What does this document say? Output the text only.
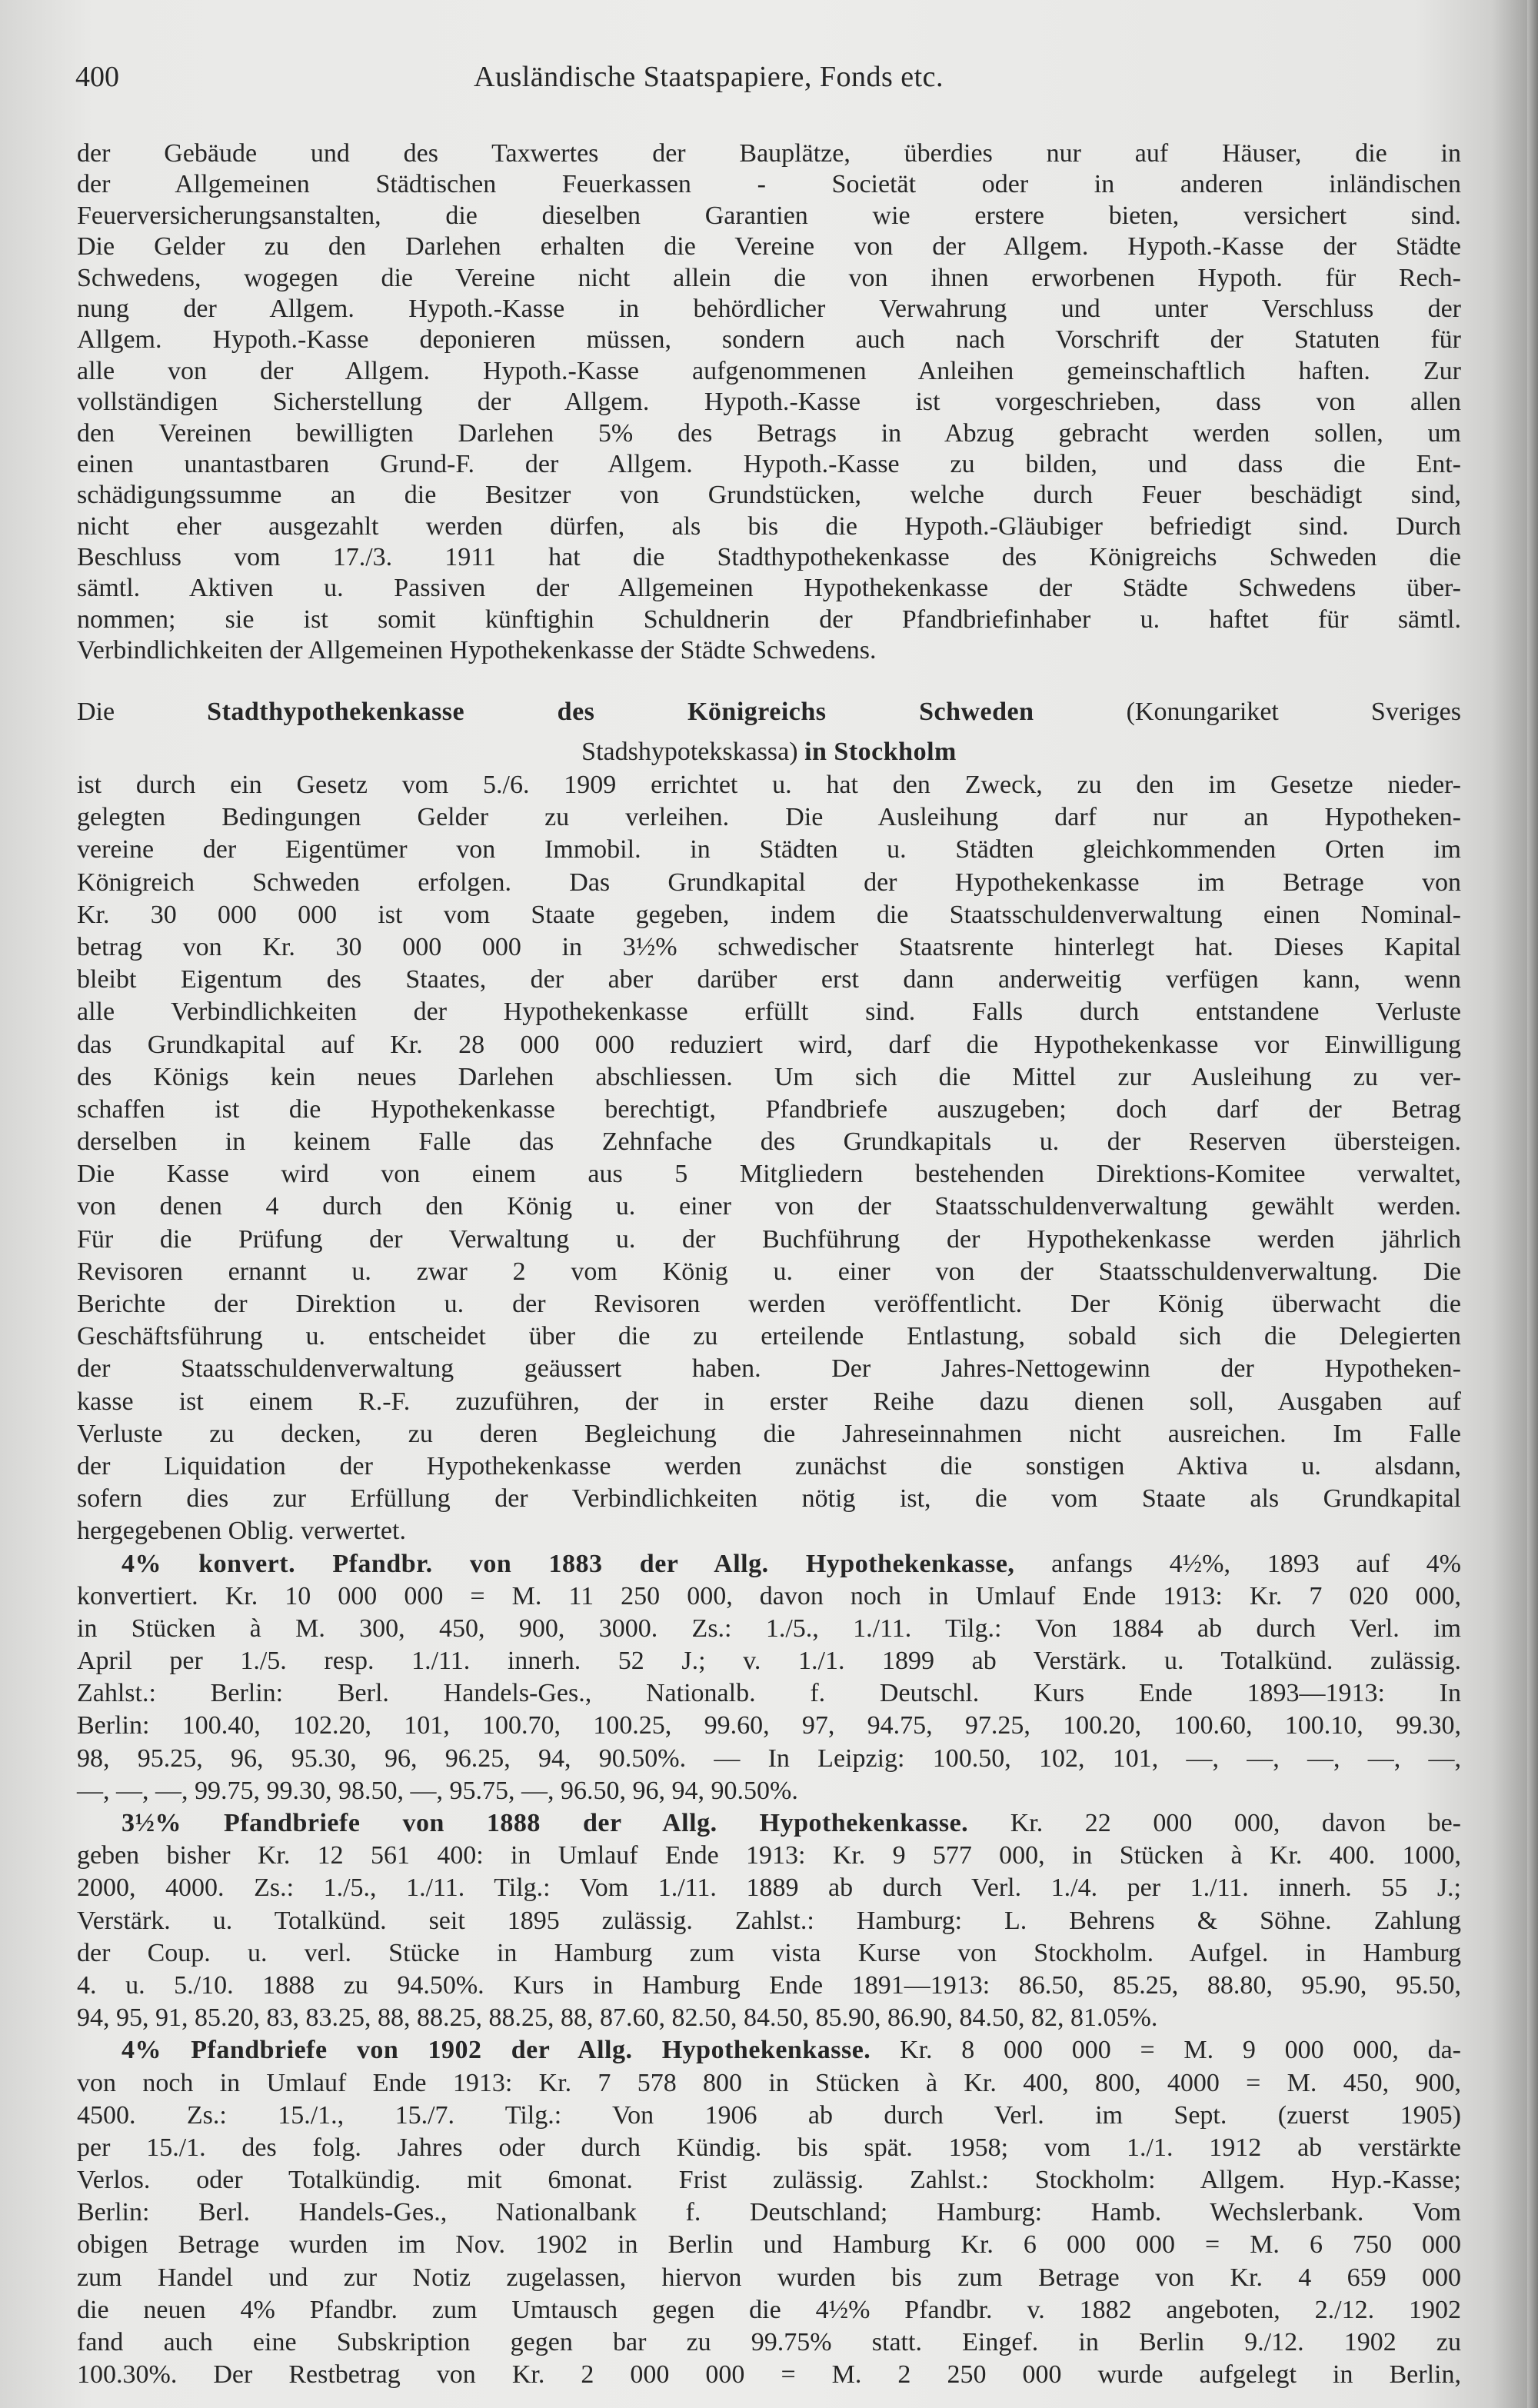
400	Ausländische Staatspapiere, Fonds etc.
der Gebäude und des Taxwertes der Bauplätze, überdies nur auf Häuser, die in
der Allgemeinen Städtischen Feuerkassen - Societät oder in anderen inländischen
Feuerversicherungsanstalten, die dieselben Garantien wie erstere bieten, versichert sind.
Die Gelder zu den Darlehen erhalten die Vereine von der Allgem. Hypoth.-Kasse der Städte
Schwedens, wogegen die Vereine nicht allein die von ihnen erworbenen Hypoth. für Rech-
nung der Allgem. Hypoth.-Kasse in behördlicher Verwahrung und unter Verschluss der
Allgem. Hypoth.-Kasse deponieren müssen, sondern auch nach Vorschrift der Statuten für
alle von der Allgem. Hypoth.-Kasse aufgenommenen Anleihen gemeinschaftlich haften. Zur
vollständigen Sicherstellung der Allgem. Hypoth.-Kasse ist vorgeschrieben, dass von allen
den Vereinen bewilligten Darlehen 5% des Betrags in Abzug gebracht werden sollen, um
einen unantastbaren Grund-F. der Allgem. Hypoth.-Kasse zu bilden, und dass die Ent-
schädigungssumme an die Besitzer von Grundstücken, welche durch Feuer beschädigt sind,
nicht eher ausgezahlt werden dürfen, als bis die Hypoth.-Gläubiger befriedigt sind. Durch
Beschluss vom 17./3. 1911 hat die Stadthypothekenkasse des Königreichs Schweden die
sämtl. Aktiven u. Passiven der Allgemeinen Hypothekenkasse der Städte Schwedens über-
nommen; sie ist somit künftighin Schuldnerin der Pfandbriefinhaber u. haftet für sämtl.
Verbindlichkeiten der Allgemeinen Hypothekenkasse der Städte Schwedens.
Die Stadthypothekenkasse des Königreichs Schweden (Konungariket Sveriges
Stadshypotekskassa) in Stockholm
ist durch ein Gesetz vom 5./6. 1909 errichtet u. hat den Zweck, zu den im Gesetze nieder-
gelegten Bedingungen Gelder zu verleihen. Die Ausleihung darf nur an Hypotheken-
vereine der Eigentümer von Immobil. in Städten u. Städten gleichkommenden Orten im
Königreich Schweden erfolgen. Das Grundkapital der Hypothekenkasse im Betrage von
Kr. 30 000 000 ist vom Staate gegeben, indem die Staatsschuldenverwaltung einen Nominal-
betrag von Kr. 30 000 000 in 3½% schwedischer Staatsrente hinterlegt hat. Dieses Kapital
bleibt Eigentum des Staates, der aber darüber erst dann anderweitig verfügen kann, wenn
alle Verbindlichkeiten der Hypothekenkasse erfüllt sind. Falls durch entstandene Verluste
das Grundkapital auf Kr. 28 000 000 reduziert wird, darf die Hypothekenkasse vor Einwilligung
des Königs kein neues Darlehen abschliessen. Um sich die Mittel zur Ausleihung zu ver-
schaffen ist die Hypothekenkasse berechtigt, Pfandbriefe auszugeben; doch darf der Betrag
derselben in keinem Falle das Zehnfache des Grundkapitals u. der Reserven übersteigen.
Die Kasse wird von einem aus 5 Mitgliedern bestehenden Direktions-Komitee verwaltet,
von denen 4 durch den König u. einer von der Staatsschuldenverwaltung gewählt werden.
Für die Prüfung der Verwaltung u. der Buchführung der Hypothekenkasse werden jährlich
Revisoren ernannt u. zwar 2 vom König u. einer von der Staatsschuldenverwaltung. Die
Berichte der Direktion u. der Revisoren werden veröffentlicht. Der König überwacht die
Geschäftsführung u. entscheidet über die zu erteilende Entlastung, sobald sich die Delegierten
der Staatsschuldenverwaltung geäussert haben. Der Jahres-Nettogewinn der Hypotheken-
kasse ist einem R.-F. zuzuführen, der in erster Reihe dazu dienen soll, Ausgaben auf
Verluste zu decken, zu deren Begleichung die Jahreseinnahmen nicht ausreichen. Im Falle
der Liquidation der Hypothekenkasse werden zunächst die sonstigen Aktiva u. alsdann,
sofern dies zur Erfüllung der Verbindlichkeiten nötig ist, die vom Staate als Grundkapital
hergegebenen Oblig. verwertet.
4% konvert. Pfandbr. von 1883 der Allg. Hypothekenkasse, anfangs 4½%, 1893 auf 4%
konvertiert. Kr. 10 000 000 = M. 11 250 000, davon noch in Umlauf Ende 1913: Kr. 7 020 000,
in Stücken à M. 300, 450, 900, 3000. Zs.: 1./5., 1./11. Tilg.: Von 1884 ab durch Verl. im
April per 1./5. resp. 1./11. innerh. 52 J.; v. 1./1. 1899 ab Verstärk. u. Totalkünd. zulässig.
Zahlst.: Berlin: Berl. Handels-Ges., Nationalb. f. Deutschl. Kurs Ende 1893—1913: In
Berlin: 100.40, 102.20, 101, 100.70, 100.25, 99.60, 97, 94.75, 97.25, 100.20, 100.60, 100.10, 99.30,
98, 95.25, 96, 95.30, 96, 96.25, 94, 90.50%. — In Leipzig: 100.50, 102, 101, —, —, —, —, —,
—, —, —, 99.75, 99.30, 98.50, —, 95.75, —, 96.50, 96, 94, 90.50%.
3½% Pfandbriefe von 1888 der Allg. Hypothekenkasse. Kr. 22 000 000, davon be-
geben bisher Kr. 12 561 400: in Umlauf Ende 1913: Kr. 9 577 000, in Stücken à Kr. 400. 1000,
2000, 4000. Zs.: 1./5., 1./11. Tilg.: Vom 1./11. 1889 ab durch Verl. 1./4. per 1./11. innerh. 55 J.;
Verstärk. u. Totalkünd. seit 1895 zulässig. Zahlst.: Hamburg: L. Behrens & Söhne. Zahlung
der Coup. u. verl. Stücke in Hamburg zum vista Kurse von Stockholm. Aufgel. in Hamburg
4. u. 5./10. 1888 zu 94.50%. Kurs in Hamburg Ende 1891—1913: 86.50, 85.25, 88.80, 95.90, 95.50,
94, 95, 91, 85.20, 83, 83.25, 88, 88.25, 88.25, 88, 87.60, 82.50, 84.50, 85.90, 86.90, 84.50, 82, 81.05%.
4% Pfandbriefe von 1902 der Allg. Hypothekenkasse. Kr. 8 000 000 = M. 9 000 000, da-
von noch in Umlauf Ende 1913: Kr. 7 578 800 in Stücken à Kr. 400, 800, 4000 = M. 450, 900,
4500. Zs.: 15./1., 15./7. Tilg.: Von 1906 ab durch Verl. im Sept. (zuerst 1905)
per 15./1. des folg. Jahres oder durch Kündig. bis spät. 1958; vom 1./1. 1912 ab verstärkte
Verlos. oder Totalkündig. mit 6monat. Frist zulässig. Zahlst.: Stockholm: Allgem. Hyp.-Kasse;
Berlin: Berl. Handels-Ges., Nationalbank f. Deutschland; Hamburg: Hamb. Wechslerbank. Vom
obigen Betrage wurden im Nov. 1902 in Berlin und Hamburg Kr. 6 000 000 = M. 6 750 000
zum Handel und zur Notiz zugelassen, hiervon wurden bis zum Betrage von Kr. 4 659 000
die neuen 4% Pfandbr. zum Umtausch gegen die 4½% Pfandbr. v. 1882 angeboten, 2./12. 1902
fand auch eine Subskription gegen bar zu 99.75% statt. Eingef. in Berlin 9./12. 1902 zu
100.30%. Der Restbetrag von Kr. 2 000 000 = M. 2 250 000 wurde aufgelegt in Berlin,
